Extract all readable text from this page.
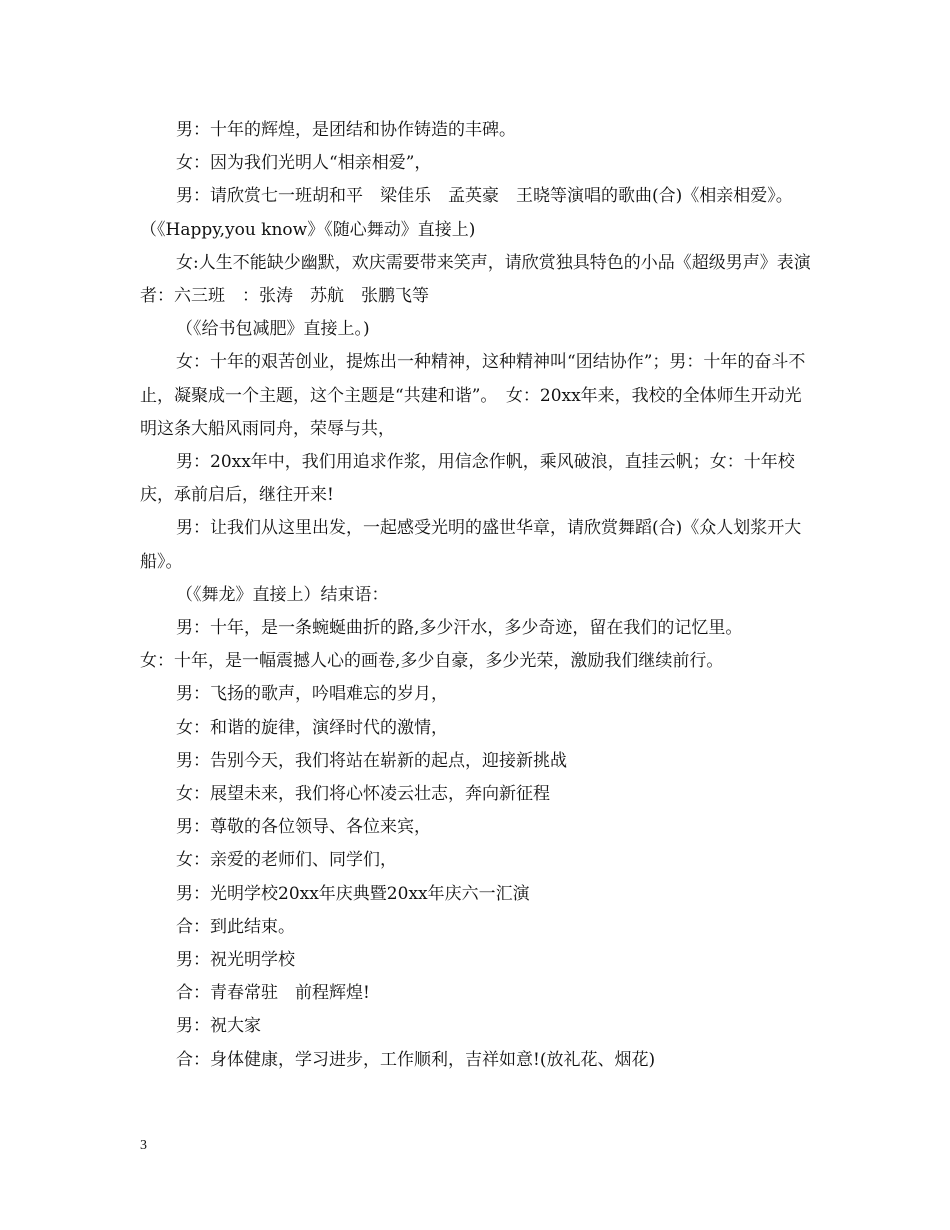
男：十年的辉煌，是团结和协作铸造的丰碑。

女：因为我们光明人“相亲相爱”，

男：请欣赏七一班胡和平　梁佳乐　孟英豪　王晓等演唱的歌曲(合)《相亲相爱》。（《Happy,you know》《随心舞动》直接上)

女:人生不能缺少幽默，欢庆需要带来笑声，请欣赏独具特色的小品《超级男声》表演者：六三班　：张涛　苏航　张鹏飞等

（《给书包减肥》直接上。)

女：十年的艰苦创业，提炼出一种精神，这种精神叫“团结协作”；男：十年的奋斗不止，凝聚成一个主题，这个主题是“共建和谐”。　女：20xx年来，我校的全体师生开动光明这条大船风雨同舟，荣辱与共，

男：20xx年中，我们用追求作浆，用信念作帆，乘风破浪，直挂云帆；女：十年校庆，承前启后，继往开来!

男：让我们从这里出发，一起感受光明的盛世华章，请欣赏舞蹈(合)《众人划浆开大船》。

（《舞龙》直接上）结束语：

男：十年，是一条蜿蜒曲折的路,多少汗水，多少奇迹，留在我们的记忆里。

女：十年，是一幅震撼人心的画卷,多少自豪，多少光荣，激励我们继续前行。

男：飞扬的歌声，吟唱难忘的岁月，

女：和谐的旋律，演绎时代的激情，

男：告别今天，我们将站在崭新的起点，迎接新挑战

女：展望未来，我们将心怀凌云壮志，奔向新征程

男：尊敬的各位领导、各位来宾，

女：亲爱的老师们、同学们，

男：光明学校20xx年庆典暨20xx年庆六一汇演

合：到此结束。

男：祝光明学校

合：青春常驻　前程辉煌!

男：祝大家

合：身体健康，学习进步，工作顺利，吉祥如意!(放礼花、烟花)

3
